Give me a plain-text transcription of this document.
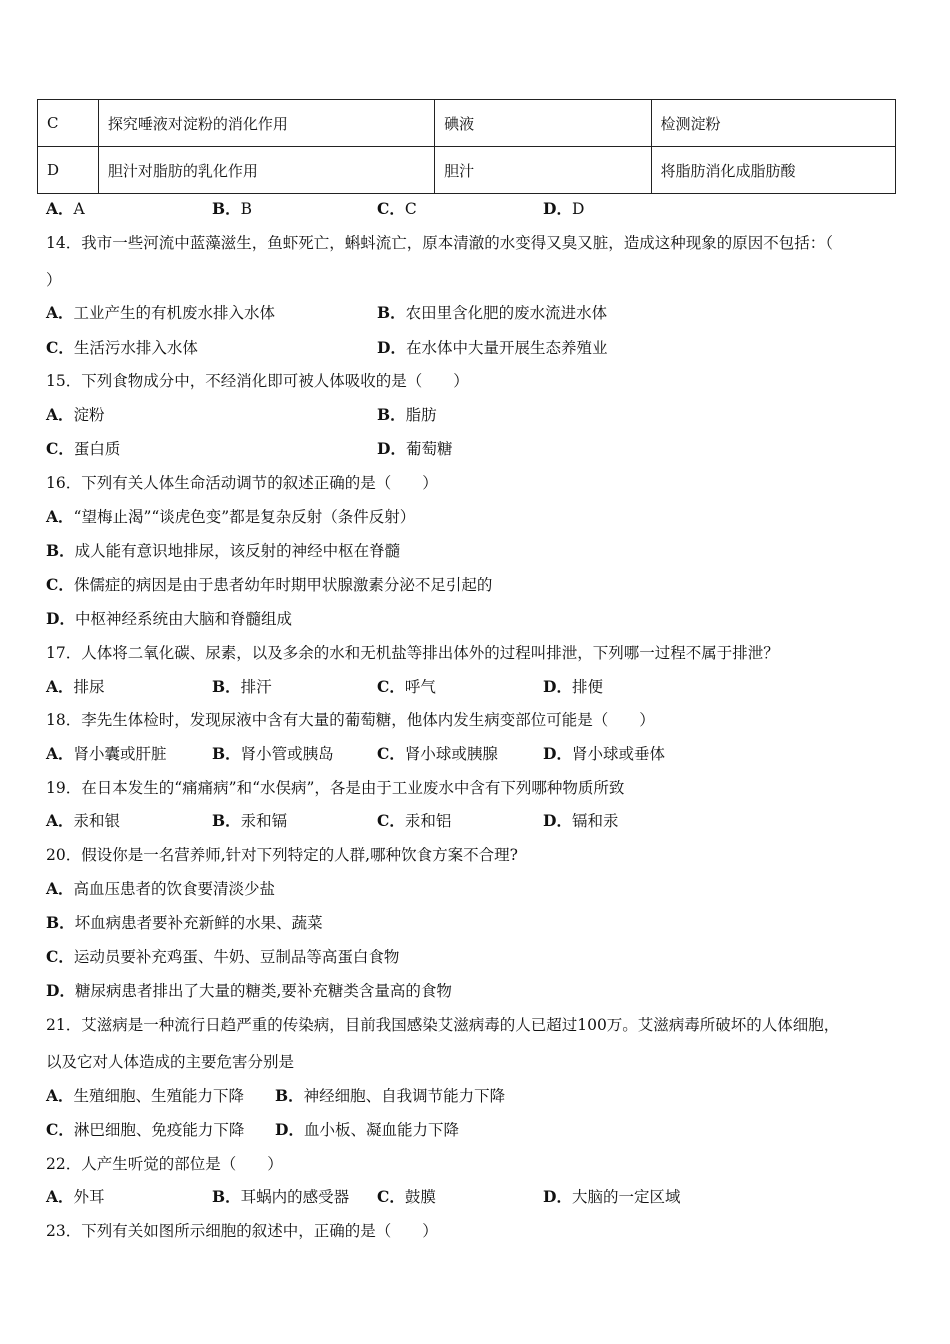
C	探究唾液对淀粉的消化作用	碘液	检测淀粉
D	胆汁对脂肪的乳化作用	胆汁	将脂肪消化成脂肪酸
A．A	B．B	C．C	D．D
14．我市一些河流中蓝藻滋生，鱼虾死亡，蝌蚪流亡，原本清澈的水变得又臭又脏，造成这种现象的原因不包括：（
）
A．工业产生的有机废水排入水体	B．农田里含化肥的废水流进水体
C．生活污水排入水体	D．在水体中大量开展生态养殖业
15．下列食物成分中，不经消化即可被人体吸收的是（　　）
A．淀粉	B．脂肪
C．蛋白质	D．葡萄糖
16．下列有关人体生命活动调节的叙述正确的是（　　）
A．“望梅止渴”“谈虎色变”都是复杂反射（条件反射）
B．成人能有意识地排尿，该反射的神经中枢在脊髓
C．侏儒症的病因是由于患者幼年时期甲状腺激素分泌不足引起的
D．中枢神经系统由大脑和脊髓组成
17．人体将二氧化碳、尿素，以及多余的水和无机盐等排出体外的过程叫排泄，下列哪一过程不属于排泄？
A．排尿	B．排汗	C．呼气	D．排便
18．李先生体检时，发现尿液中含有大量的葡萄糖，他体内发生病变部位可能是（　　）
A．肾小囊或肝脏	B．肾小管或胰岛	C．肾小球或胰腺	D．肾小球或垂体
19．在日本发生的“痛痛病”和“水俣病”，各是由于工业废水中含有下列哪种物质所致
A．汞和银	B．汞和镉	C．汞和铝	D．镉和汞
20．假设你是一名营养师,针对下列特定的人群,哪种饮食方案不合理?
A．高血压患者的饮食要清淡少盐
B．坏血病患者要补充新鲜的水果、蔬菜
C．运动员要补充鸡蛋、牛奶、豆制品等高蛋白食物
D．糖尿病患者排出了大量的糖类,要补充糖类含量高的食物
21．艾滋病是一种流行日趋严重的传染病，目前我国感染艾滋病毒的人已超过100万。艾滋病毒所破坏的人体细胞，
以及它对人体造成的主要危害分别是
A．生殖细胞、生殖能力下降 B．神经细胞、自我调节能力下降
C．淋巴细胞、免疫能力下降 D．血小板、凝血能力下降
22．人产生听觉的部位是（　　）
A．外耳	B．耳蜗内的感受器 C．鼓膜	D．大脑的一定区域
23．下列有关如图所示细胞的叙述中，正确的是（　　）
